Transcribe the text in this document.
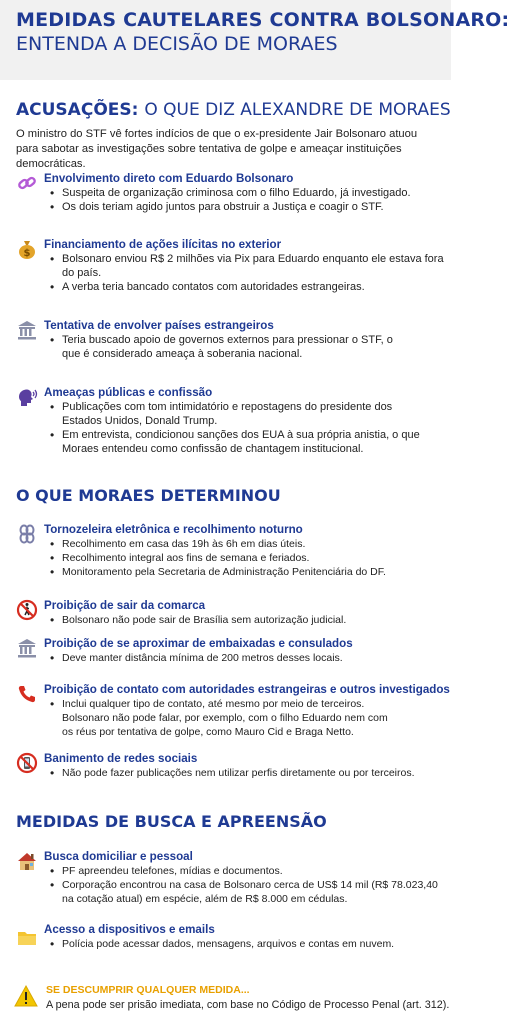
MEDIDAS CAUTELARES CONTRA BOLSONARO:
ENTENDA A DECISÃO DE MORAES
ACUSAÇÕES: O QUE DIZ ALEXANDRE DE MORAES
O ministro do STF vê fortes indícios de que o ex-presidente Jair Bolsonaro atuou para sabotar as investigações sobre tentativa de golpe e ameaçar instituições democráticas.
Envolvimento direto com Eduardo Bolsonaro
• Suspeita de organização criminosa com o filho Eduardo, já investigado.
• Os dois teriam agido juntos para obstruir a Justiça e coagir o STF.
$
Financiamento de ações ilícitas no exterior
• Bolsonaro enviou R$ 2 milhões via Pix para Eduardo enquanto ele estava fora do país.
• A verba teria bancado contatos com autoridades estrangeiras.
Tentativa de envolver países estrangeiros
• Teria buscado apoio de governos externos para pressionar o STF, o que é considerado ameaça à soberania nacional.
Ameaças públicas e confissão
• Publicações com tom intimidatório e repostagens do presidente dos Estados Unidos, Donald Trump.
• Em entrevista, condicionou sanções dos EUA à sua própria anistia, o que Moraes entendeu como confissão de chantagem institucional.
O QUE MORAES DETERMINOU
Tornozeleira eletrônica e recolhimento noturno
• Recolhimento em casa das 19h às 6h em dias úteis.
• Recolhimento integral aos fins de semana e feriados.
• Monitoramento pela Secretaria de Administração Penitenciária do DF.
Proibição de sair da comarca
• Bolsonaro não pode sair de Brasília sem autorização judicial.
Proibição de se aproximar de embaixadas e consulados
• Deve manter distância mínima de 200 metros desses locais.
Proibição de contato com autoridades estrangeiras e outros investigados
• Inclui qualquer tipo de contato, até mesmo por meio de terceiros. Bolsonaro não pode falar, por exemplo, com o filho Eduardo nem com os réus por tentativa de golpe, como Mauro Cid e Braga Netto.
Banimento de redes sociais
• Não pode fazer publicações nem utilizar perfis diretamente ou por terceiros.
MEDIDAS DE BUSCA E APREENSÃO
Busca domiciliar e pessoal
• PF apreendeu telefones, mídias e documentos.
• Corporação encontrou na casa de Bolsonaro cerca de US$ 14 mil (R$ 78.023,40 na cotação atual) em espécie, além de R$ 8.000 em cédulas.
Acesso a dispositivos e emails
• Polícia pode acessar dados, mensagens, arquivos e contas em nuvem.
SE DESCUMPRIR QUALQUER MEDIDA...
A pena pode ser prisão imediata, com base no Código de Processo Penal (art. 312).
